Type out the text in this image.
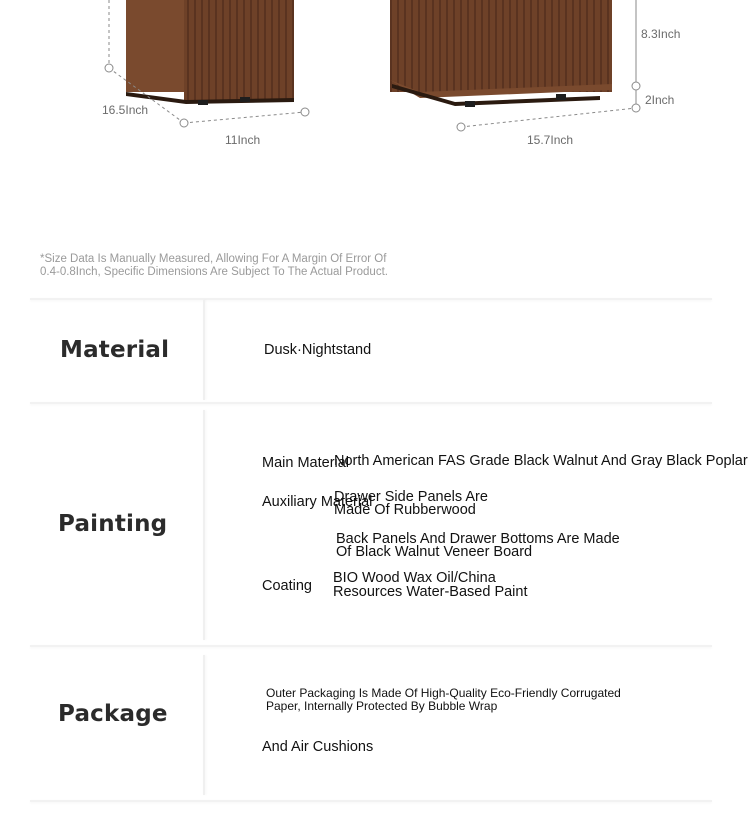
16.5Inch
11Inch	15.7Inch
8.3Inch
2Inch
*Size Data Is Manually Measured, Allowing For A Margin Of Error Of
0.4-0.8Inch, Specific Dimensions Are Subject To The Actual Product.
Material	Dusk·Nightstand
Painting
Main Material
North American FAS Grade Black Walnut And Gray Black Poplar
Auxiliary Material
Drawer Side Panels Are
Made Of Rubberwood
Back Panels And Drawer Bottoms Are Made
Of Black Walnut Veneer Board
Coating BIO Wood Wax Oil/China
Resources Water-Based Paint
Package
Outer Packaging Is Made Of High-Quality Eco-Friendly Corrugated
Paper, Internally Protected By Bubble Wrap
And Air Cushions
